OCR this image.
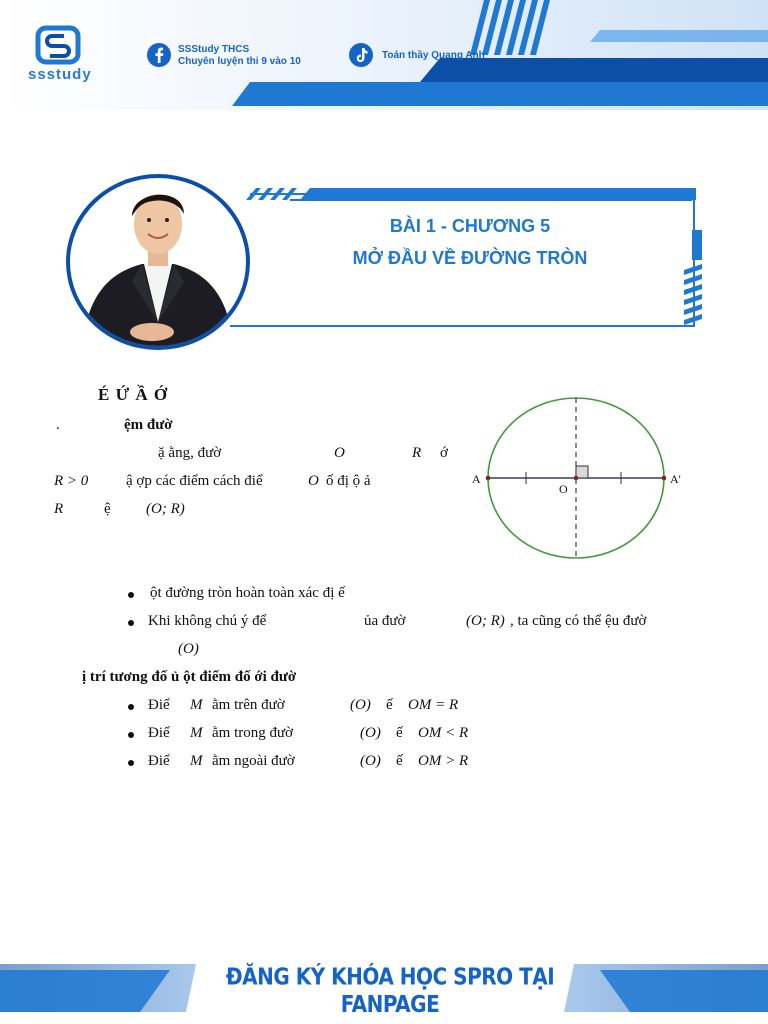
ssstudy
SSStudy THCS
Chuyên luyện thi 9 vào 10
Toán thầy Quang Anh
BÀI 1 - CHƯƠNG 5
MỞ ĐẦU VỀ ĐƯỜNG TRÒN
É Ứ Ầ Ớ
.	ệm đườ
ặ ằng, đườ	O	R ớ
R > 0	ậ ợp các điểm cách điể	O ố đị ộ ả
R	ệ (O; R)
A	A'
O
ột đường tròn hoàn toàn xác đị ế
Khi không chú ý để	ủa đườ	(O; R) , ta cũng có thể ệu đườ
(O)
ị trí tương đố ủ ột điểm đố ới đườ
Điể M ằm trên đườ	(O) ế OM = R
Điể M ằm trong đườ	(O) ế OM < R
Điể M ằm ngoài đườ	(O) ế OM > R
ĐĂNG KÝ KHÓA HỌC SPRO TẠI FANPAGE
